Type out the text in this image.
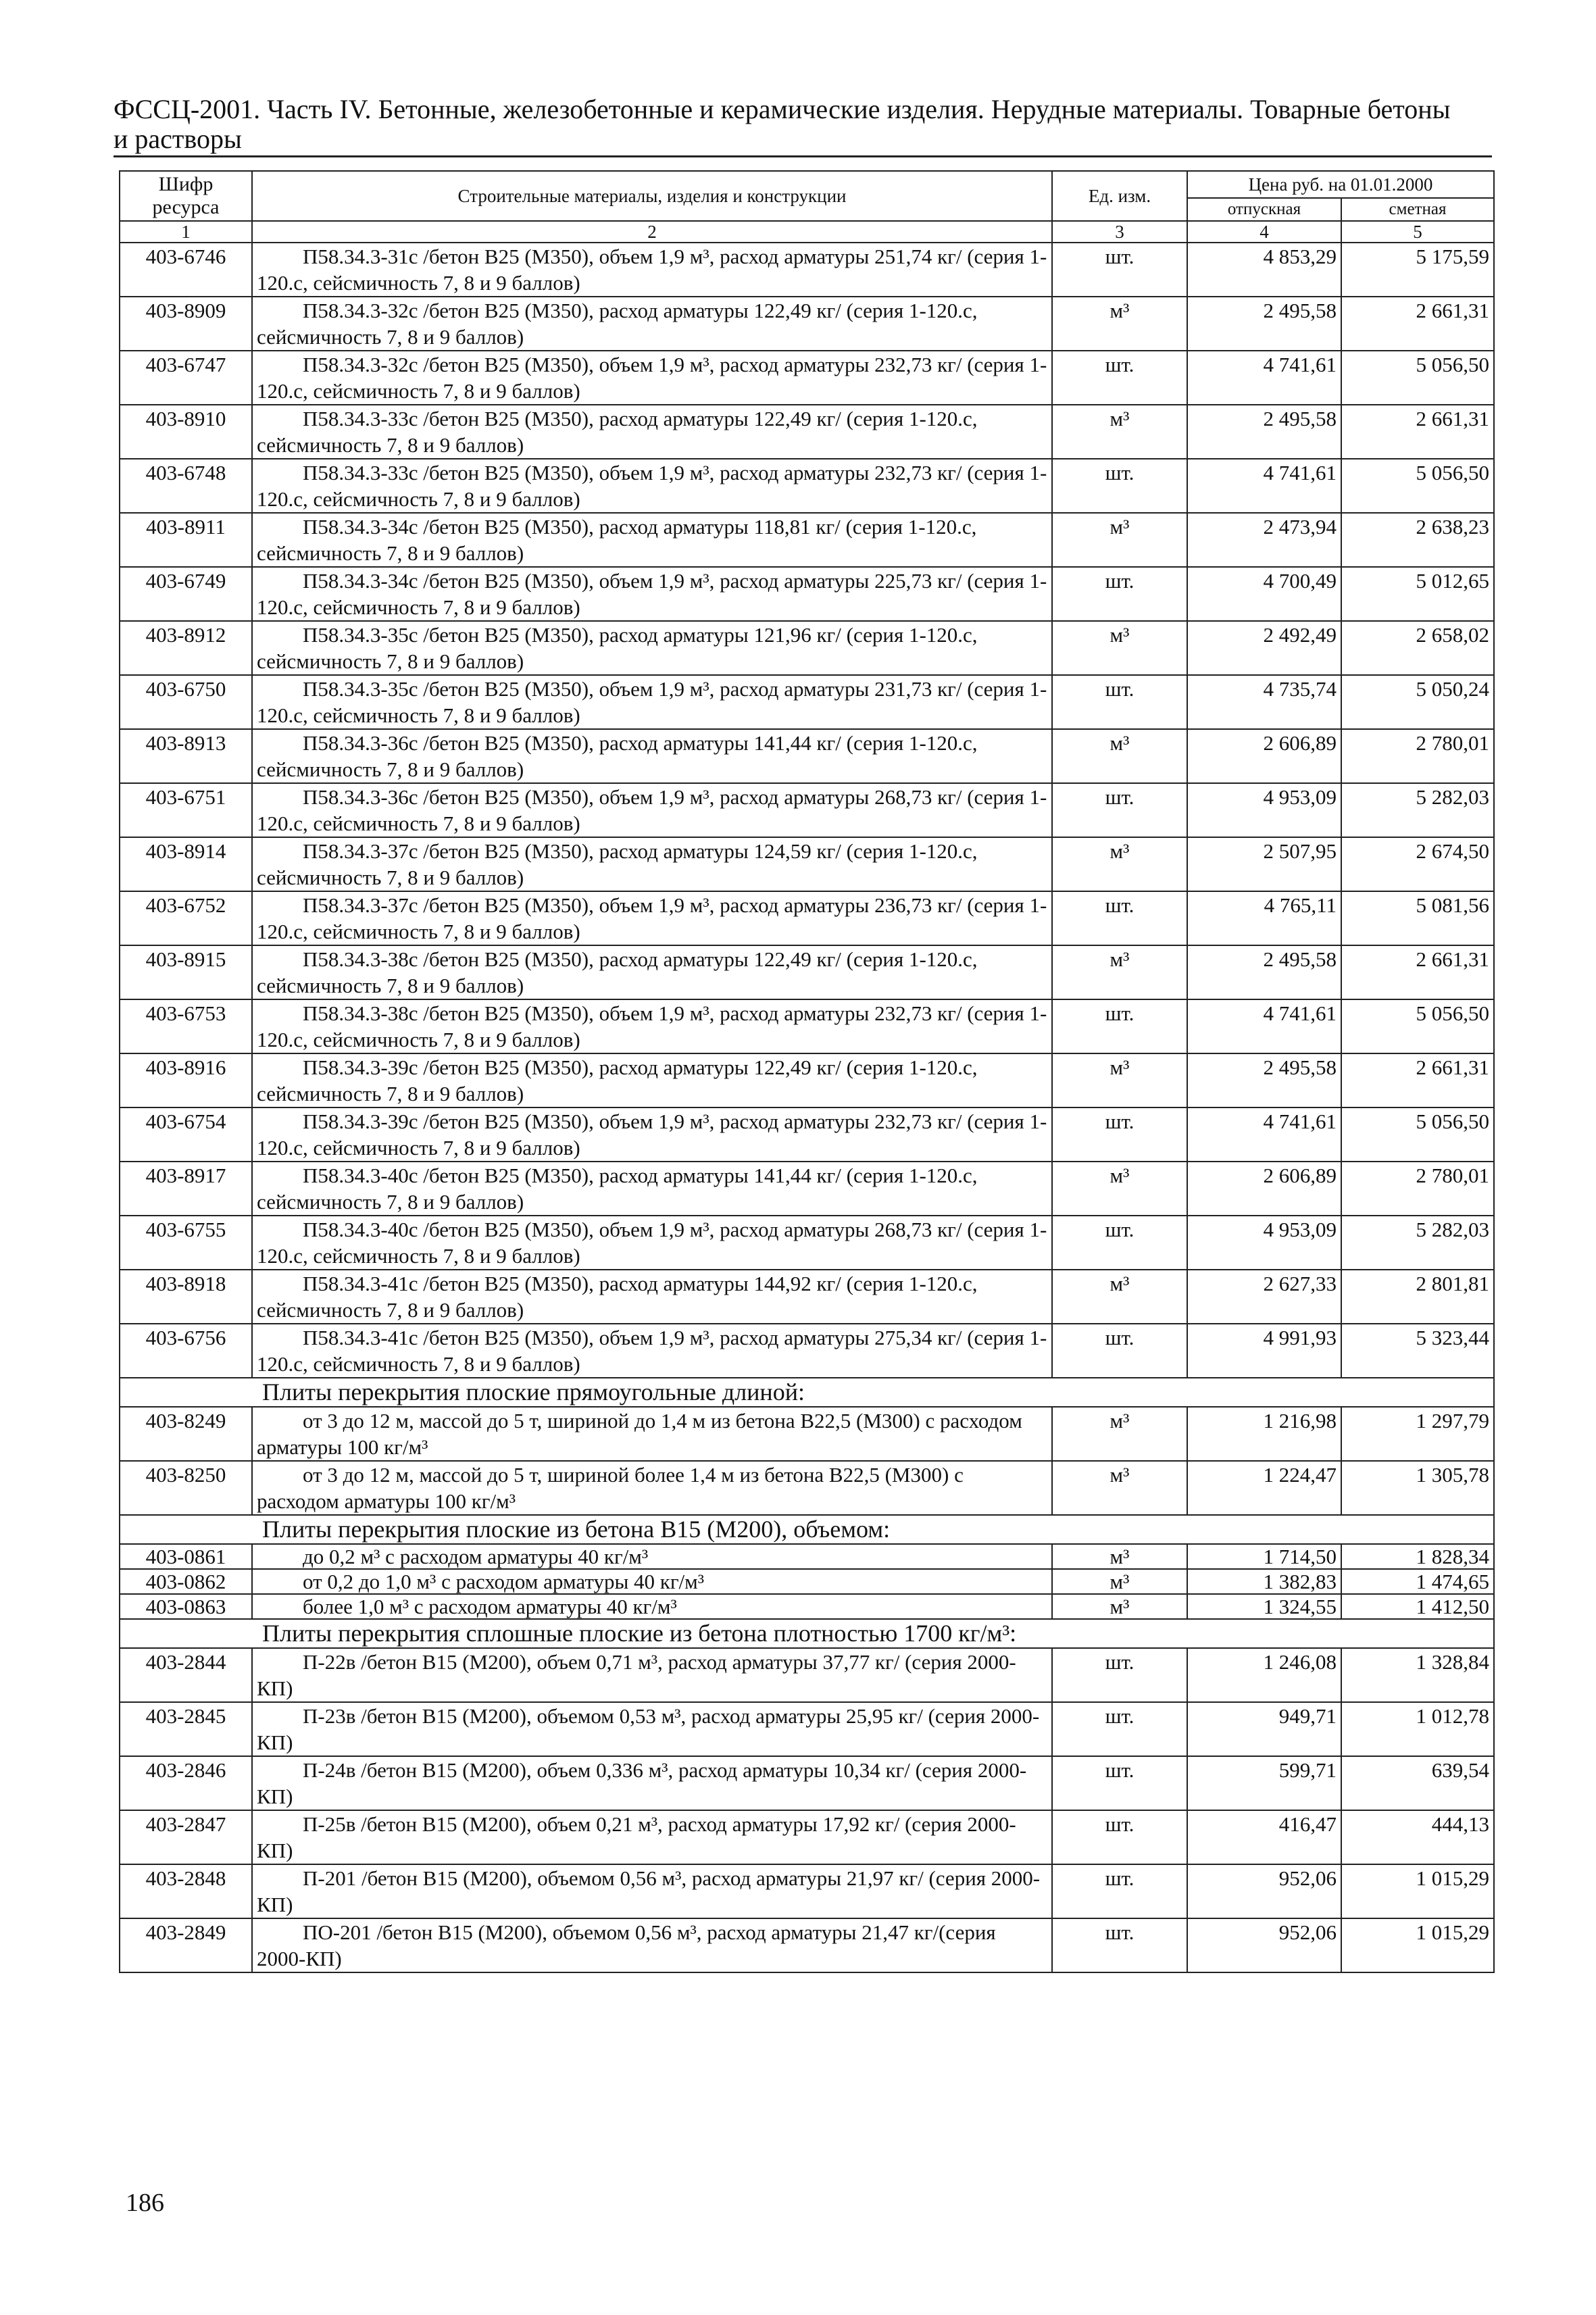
ФССЦ-2001. Часть IV. Бетонные, железобетонные и керамические изделия. Нерудные материалы. Товарные бетоны
и растворы
Шифр ресурса	Строительные материалы, изделия и конструкции	Ед. изм.	Цена руб. на 01.01.2000	
			отпускная	сметная
1	2	3	4	5
403-6746	П58.34.3-31с /бетон В25 (М350), объем 1,9 м³, расход арматуры 251,74 кг/ (серия 1-120.с, сейсмичность 7, 8 и 9 баллов)	шт.	4 853,29	5 175,59
403-8909	П58.34.3-32с /бетон В25 (М350), расход арматуры 122,49 кг/ (серия 1-120.с, сейсмичность 7, 8 и 9 баллов)	м³	2 495,58	2 661,31
403-6747	П58.34.3-32с /бетон В25 (М350), объем 1,9 м³, расход арматуры 232,73 кг/ (серия 1-120.с, сейсмичность 7, 8 и 9 баллов)	шт.	4 741,61	5 056,50
403-8910	П58.34.3-33с /бетон В25 (М350), расход арматуры 122,49 кг/ (серия 1-120.с, сейсмичность 7, 8 и 9 баллов)	м³	2 495,58	2 661,31
403-6748	П58.34.3-33с /бетон В25 (М350), объем 1,9 м³, расход арматуры 232,73 кг/ (серия 1-120.с, сейсмичность 7, 8 и 9 баллов)	шт.	4 741,61	5 056,50
403-8911	П58.34.3-34с /бетон В25 (М350), расход арматуры 118,81 кг/ (серия 1-120.с, сейсмичность 7, 8 и 9 баллов)	м³	2 473,94	2 638,23
403-6749	П58.34.3-34с /бетон В25 (М350), объем 1,9 м³, расход арматуры 225,73 кг/ (серия 1-120.с, сейсмичность 7, 8 и 9 баллов)	шт.	4 700,49	5 012,65
403-8912	П58.34.3-35с /бетон В25 (М350), расход арматуры 121,96 кг/ (серия 1-120.с, сейсмичность 7, 8 и 9 баллов)	м³	2 492,49	2 658,02
403-6750	П58.34.3-35с /бетон В25 (М350), объем 1,9 м³, расход арматуры 231,73 кг/ (серия 1-120.с, сейсмичность 7, 8 и 9 баллов)	шт.	4 735,74	5 050,24
403-8913	П58.34.3-36с /бетон В25 (М350), расход арматуры 141,44 кг/ (серия 1-120.с, сейсмичность 7, 8 и 9 баллов)	м³	2 606,89	2 780,01
403-6751	П58.34.3-36с /бетон В25 (М350), объем 1,9 м³, расход арматуры 268,73 кг/ (серия 1-120.с, сейсмичность 7, 8 и 9 баллов)	шт.	4 953,09	5 282,03
403-8914	П58.34.3-37с /бетон В25 (М350), расход арматуры 124,59 кг/ (серия 1-120.с, сейсмичность 7, 8 и 9 баллов)	м³	2 507,95	2 674,50
403-6752	П58.34.3-37с /бетон В25 (М350), объем 1,9 м³, расход арматуры 236,73 кг/ (серия 1-120.с, сейсмичность 7, 8 и 9 баллов)	шт.	4 765,11	5 081,56
403-8915	П58.34.3-38с /бетон В25 (М350), расход арматуры 122,49 кг/ (серия 1-120.с, сейсмичность 7, 8 и 9 баллов)	м³	2 495,58	2 661,31
403-6753	П58.34.3-38с /бетон В25 (М350), объем 1,9 м³, расход арматуры 232,73 кг/ (серия 1-120.с, сейсмичность 7, 8 и 9 баллов)	шт.	4 741,61	5 056,50
403-8916	П58.34.3-39с /бетон В25 (М350), расход арматуры 122,49 кг/ (серия 1-120.с, сейсмичность 7, 8 и 9 баллов)	м³	2 495,58	2 661,31
403-6754	П58.34.3-39с /бетон В25 (М350), объем 1,9 м³, расход арматуры 232,73 кг/ (серия 1-120.с, сейсмичность 7, 8 и 9 баллов)	шт.	4 741,61	5 056,50
403-8917	П58.34.3-40с /бетон В25 (М350), расход арматуры 141,44 кг/ (серия 1-120.с, сейсмичность 7, 8 и 9 баллов)	м³	2 606,89	2 780,01
403-6755	П58.34.3-40с /бетон В25 (М350), объем 1,9 м³, расход арматуры 268,73 кг/ (серия 1-120.с, сейсмичность 7, 8 и 9 баллов)	шт.	4 953,09	5 282,03
403-8918	П58.34.3-41с /бетон В25 (М350), расход арматуры 144,92 кг/ (серия 1-120.с, сейсмичность 7, 8 и 9 баллов)	м³	2 627,33	2 801,81
403-6756	П58.34.3-41с /бетон В25 (М350), объем 1,9 м³, расход арматуры 275,34 кг/ (серия 1-120.с, сейсмичность 7, 8 и 9 баллов)	шт.	4 991,93	5 323,44
Плиты перекрытия плоские прямоугольные длиной:				
403-8249	от 3 до 12 м, массой до 5 т, шириной до 1,4 м из бетона В22,5 (М300) с расходом арматуры 100 кг/м³	м³	1 216,98	1 297,79
403-8250	от 3 до 12 м, массой до 5 т, шириной более 1,4 м из бетона В22,5 (М300) с расходом арматуры 100 кг/м³	м³	1 224,47	1 305,78
Плиты перекрытия плоские из бетона В15 (М200), объемом:				
403-0861	до 0,2 м³ с расходом арматуры 40 кг/м³	м³	1 714,50	1 828,34
403-0862	от 0,2 до 1,0 м³ с расходом арматуры 40 кг/м³	м³	1 382,83	1 474,65
403-0863	более 1,0 м³ с расходом арматуры 40 кг/м³	м³	1 324,55	1 412,50
Плиты перекрытия сплошные плоские из бетона плотностью 1700 кг/м³:				
403-2844	П-22в /бетон В15 (М200), объем 0,71 м³, расход арматуры 37,77 кг/ (серия 2000-КП)	шт.	1 246,08	1 328,84
403-2845	П-23в /бетон В15 (М200), объемом 0,53 м³, расход арматуры 25,95 кг/ (серия 2000-КП)	шт.	949,71	1 012,78
403-2846	П-24в /бетон В15 (М200), объем 0,336 м³, расход арматуры 10,34 кг/ (серия 2000-КП)	шт.	599,71	639,54
403-2847	П-25в /бетон В15 (М200), объем 0,21 м³, расход арматуры 17,92 кг/ (серия 2000-КП)	шт.	416,47	444,13
403-2848	П-201 /бетон В15 (М200), объемом 0,56 м³, расход арматуры 21,97 кг/ (серия 2000-КП)	шт.	952,06	1 015,29
403-2849	ПО-201 /бетон В15 (М200), объемом 0,56 м³, расход арматуры 21,47 кг/(серия 2000-КП)	шт.	952,06	1 015,29
186
